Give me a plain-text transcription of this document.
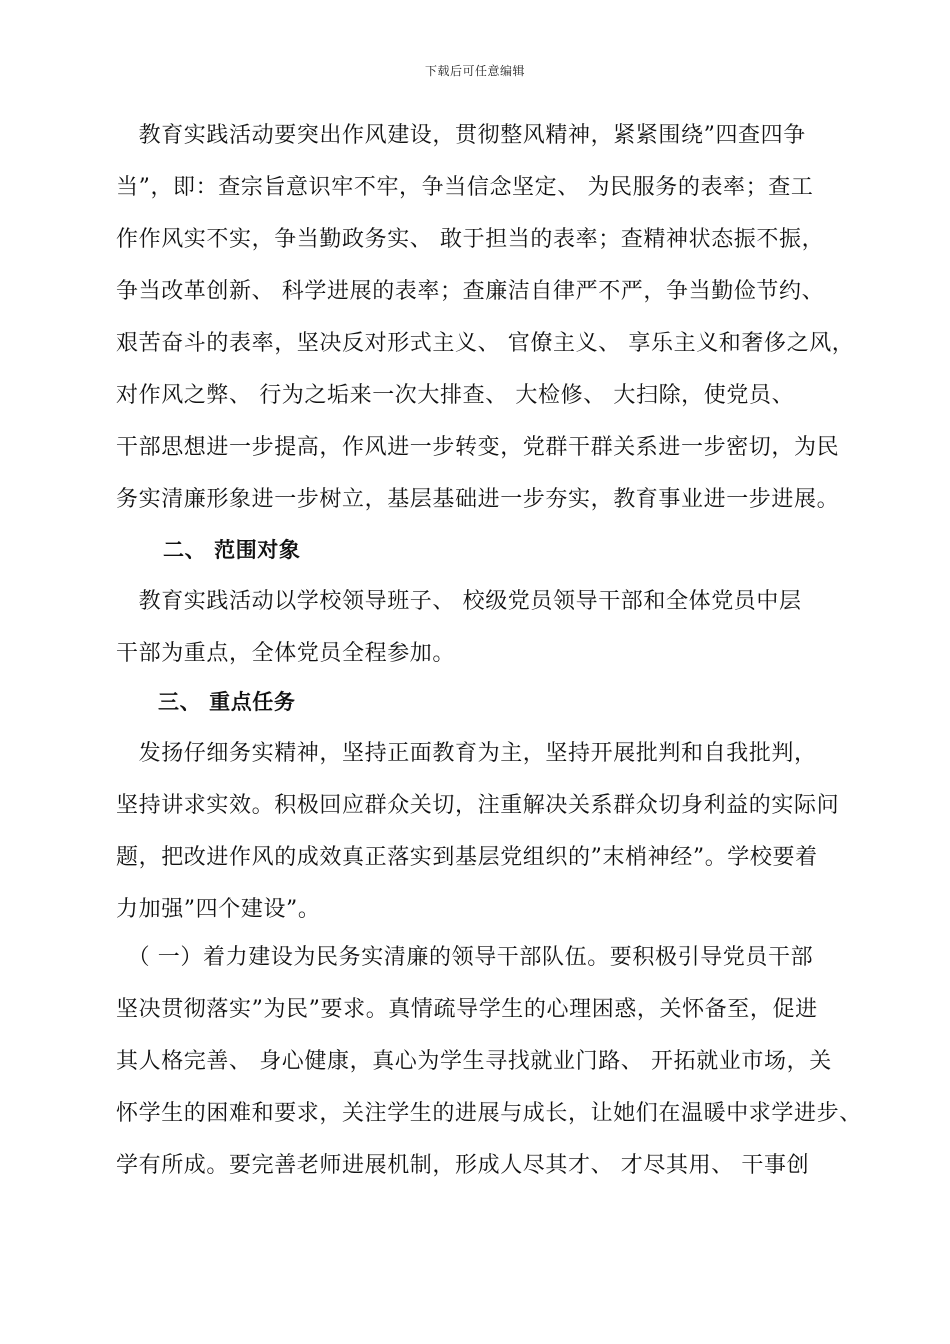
下载后可任意编辑
　教育实践活动要突出作风建设，贯彻整风精神，紧紧围绕”四查四争
当”，即：查宗旨意识牢不牢，争当信念坚定、 为民服务的表率；查工
作作风实不实，争当勤政务实、 敢于担当的表率；查精神状态振不振，
争当改革创新、 科学进展的表率；查廉洁自律严不严，争当勤俭节约、
艰苦奋斗的表率，坚决反对形式主义、 官僚主义、 享乐主义和奢侈之风，
对作风之弊、 行为之垢来一次大排查、 大检修、 大扫除，使党员、
干部思想进一步提高，作风进一步转变，党群干群关系进一步密切，为民
务实清廉形象进一步树立，基层基础进一步夯实，教育事业进一步进展。
二、 范围对象
　教育实践活动以学校领导班子、 校级党员领导干部和全体党员中层
干部为重点，全体党员全程参加。
三、 重点任务
　发扬仔细务实精神，坚持正面教育为主，坚持开展批判和自我批判，
坚持讲求实效。积极回应群众关切，注重解决关系群众切身利益的实际问
题，把改进作风的成效真正落实到基层党组织的”末梢神经”。学校要着
力加强”四个建设”。
　（ 一）着力建设为民务实清廉的领导干部队伍。要积极引导党员干部
坚决贯彻落实”为民”要求。真情疏导学生的心理困惑，关怀备至，促进
其人格完善、 身心健康，真心为学生寻找就业门路、 开拓就业市场，关
怀学生的困难和要求，关注学生的进展与成长，让她们在温暖中求学进步、
学有所成。要完善老师进展机制，形成人尽其才、 才尽其用、 干事创
